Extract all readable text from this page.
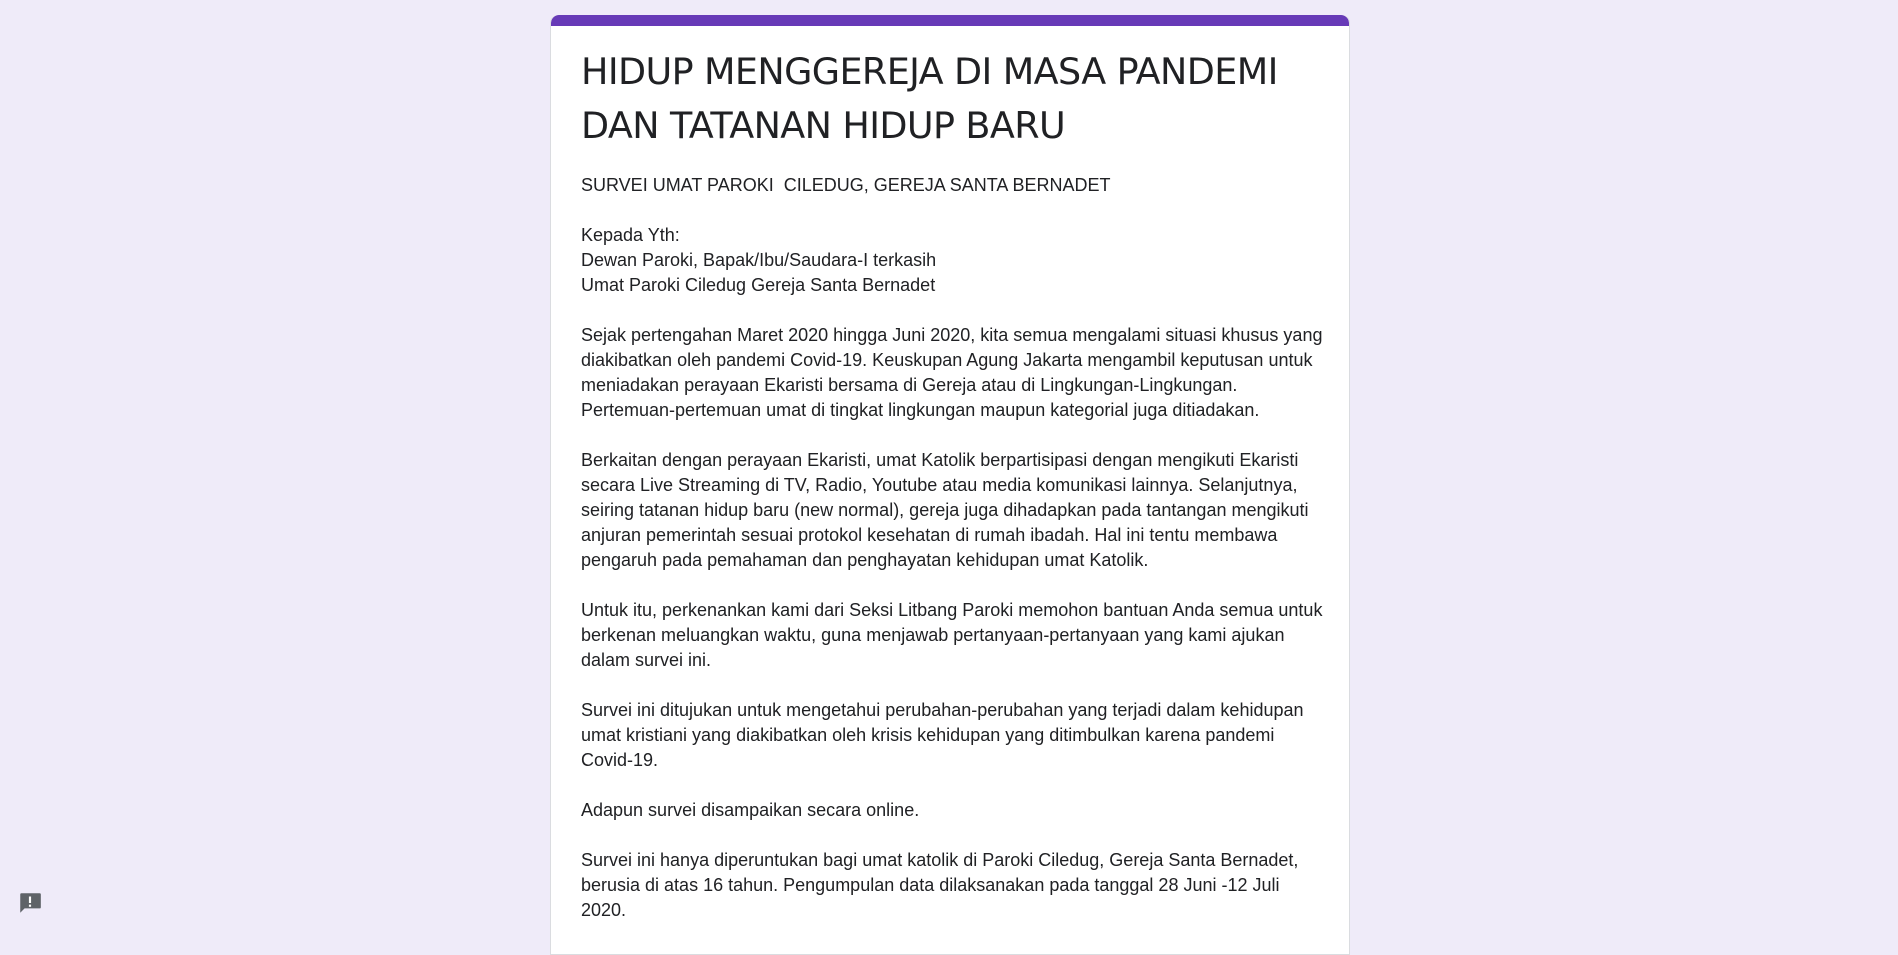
HIDUP MENGGEREJA DI MASA PANDEMI DAN TATANAN HIDUP BARU

SURVEI UMAT PAROKI  CILEDUG, GEREJA SANTA BERNADET

Kepada Yth:
Dewan Paroki, Bapak/Ibu/Saudara-I terkasih
Umat Paroki Ciledug Gereja Santa Bernadet

Sejak pertengahan Maret 2020 hingga Juni 2020, kita semua mengalami situasi khusus yang diakibatkan oleh pandemi Covid-19. Keuskupan Agung Jakarta mengambil keputusan untuk meniadakan perayaan Ekaristi bersama di Gereja atau di Lingkungan-Lingkungan. Pertemuan-pertemuan umat di tingkat lingkungan maupun kategorial juga ditiadakan.

Berkaitan dengan perayaan Ekaristi, umat Katolik berpartisipasi dengan mengikuti Ekaristi secara Live Streaming di TV, Radio, Youtube atau media komunikasi lainnya. Selanjutnya, seiring tatanan hidup baru (new normal), gereja juga dihadapkan pada tantangan mengikuti anjuran pemerintah sesuai protokol kesehatan di rumah ibadah. Hal ini tentu membawa pengaruh pada pemahaman dan penghayatan kehidupan umat Katolik.

Untuk itu, perkenankan kami dari Seksi Litbang Paroki memohon bantuan Anda semua untuk berkenan meluangkan waktu, guna menjawab pertanyaan-pertanyaan yang kami ajukan dalam survei ini.

Survei ini ditujukan untuk mengetahui perubahan-perubahan yang terjadi dalam kehidupan umat kristiani yang diakibatkan oleh krisis kehidupan yang ditimbulkan karena pandemi Covid-19.

Adapun survei disampaikan secara online.

Survei ini hanya diperuntukan bagi umat katolik di Paroki Ciledug, Gereja Santa Bernadet, berusia di atas 16 tahun. Pengumpulan data dilaksanakan pada tanggal 28 Juni -12 Juli 2020.
